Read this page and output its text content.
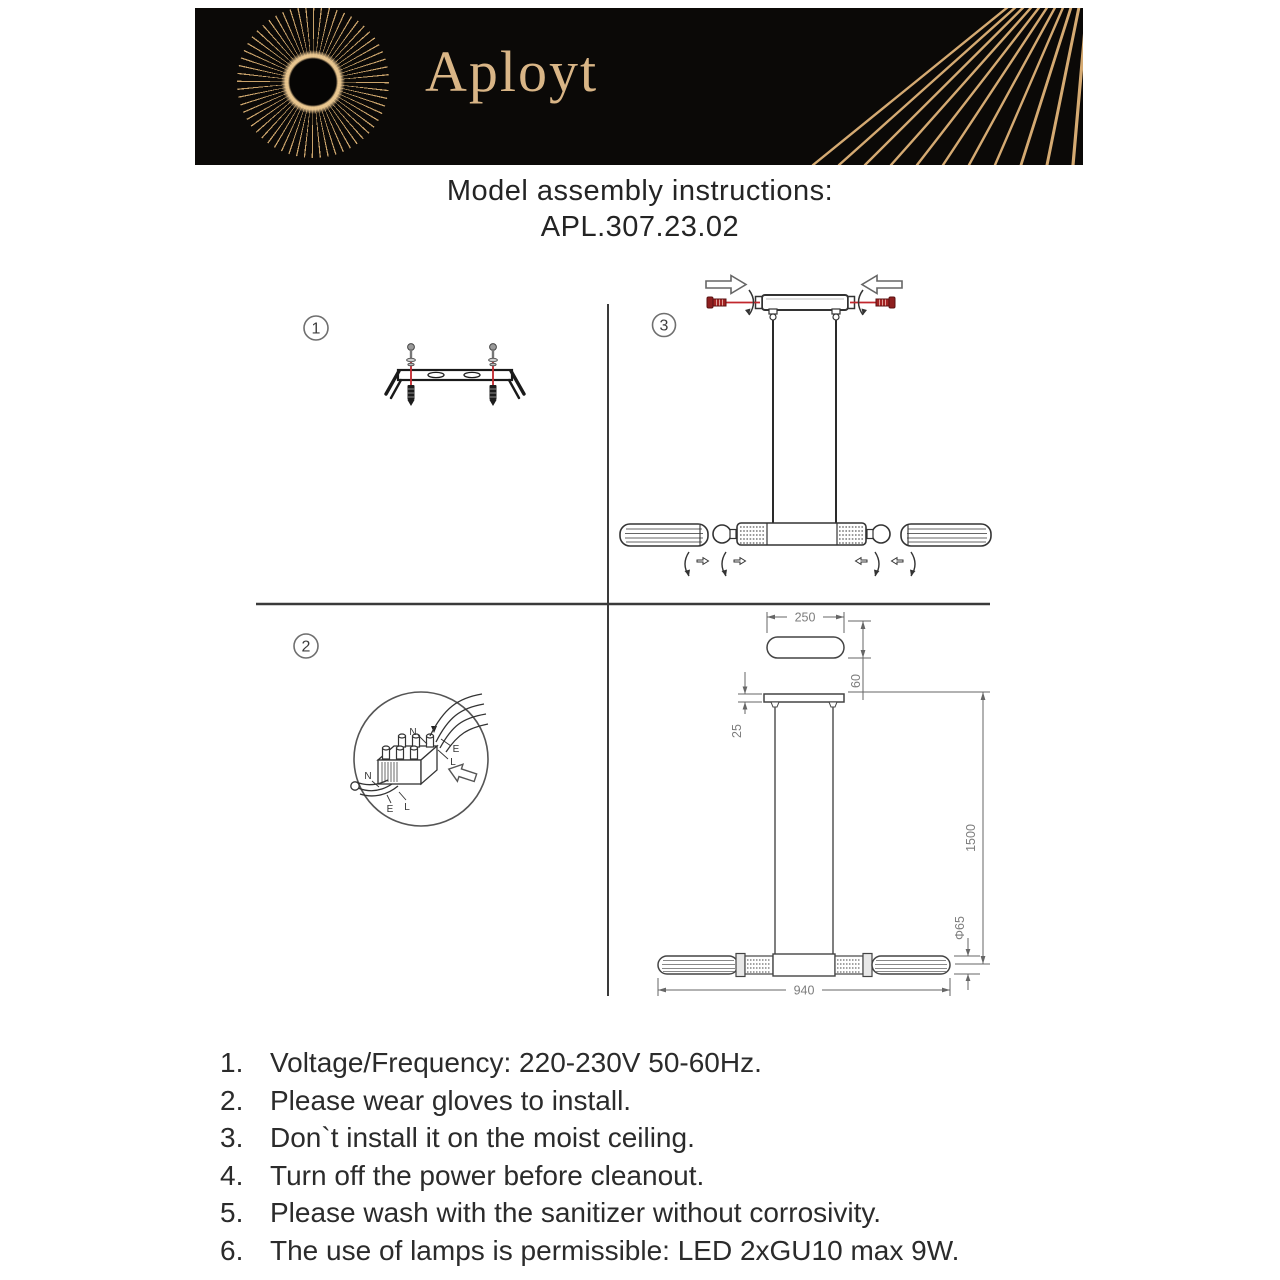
Aployt
Model assembly instructions:
APL.307.23.02
1	3
2
N
E
L
N
E L
250
60
25
1500
Φ65
940
1. Voltage/Frequency: 220-230V 50-60Hz.
2. Please wear gloves to install.
3. Don`t install it on the moist ceiling.
4. Turn off the power before cleanout.
5. Please wash with the sanitizer without corrosivity.
6. The use of lamps is permissible: LED 2xGU10 max 9W.
